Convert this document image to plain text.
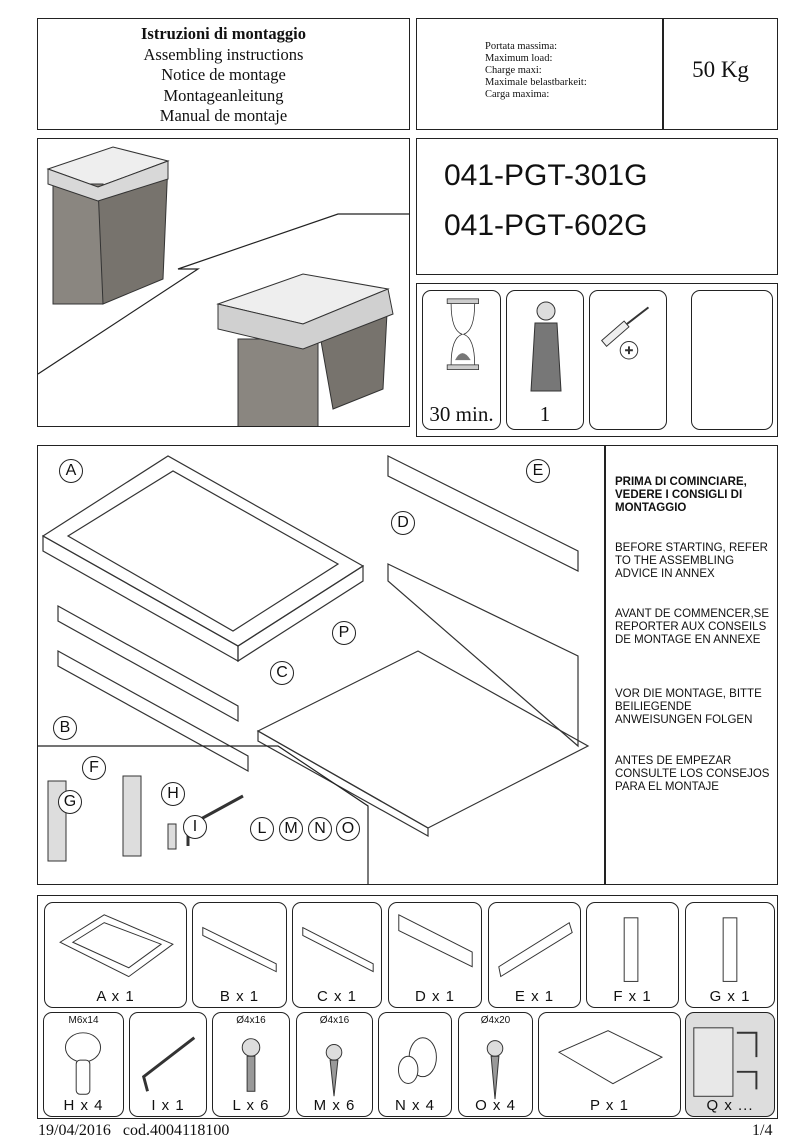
Istruzioni di montaggio
Assembling instructions
Notice de montage
Montageanleitung
Manual de montaje
Portata massima:
Maximum load:
Charge maxi:
Maximale belastbarkeit:
Carga maxima:
50 Kg
041-PGT-301G
041-PGT-602G
30 min.	1
A	E
D
P
C
B
F
G	H
I	L	M	N O
PRIMA DI COMINCIARE,
VEDERE I CONSIGLI DI
MONTAGGIO
BEFORE STARTING, REFER
TO THE ASSEMBLING
ADVICE IN ANNEX
AVANT DE COMMENCER,SE
REPORTER AUX CONSEILS
DE MONTAGE EN ANNEXE
VOR DIE MONTAGE, BITTE
BEILIEGENDE
ANWEISUNGEN FOLGEN
ANTES DE EMPEZAR
CONSULTE LOS CONSEJOS
PARA EL MONTAJE
A x 1	B x 1	C x 1	D x 1	E x 1	F x 1	G x 1
M6x14
H x 4	I x 1
Ø4x16
L x 6
Ø4x16
M x 6	N x 4
Ø4x20
O x 4	P x 1	Q x ...
19/04/2016 cod.4004118100	1/4
